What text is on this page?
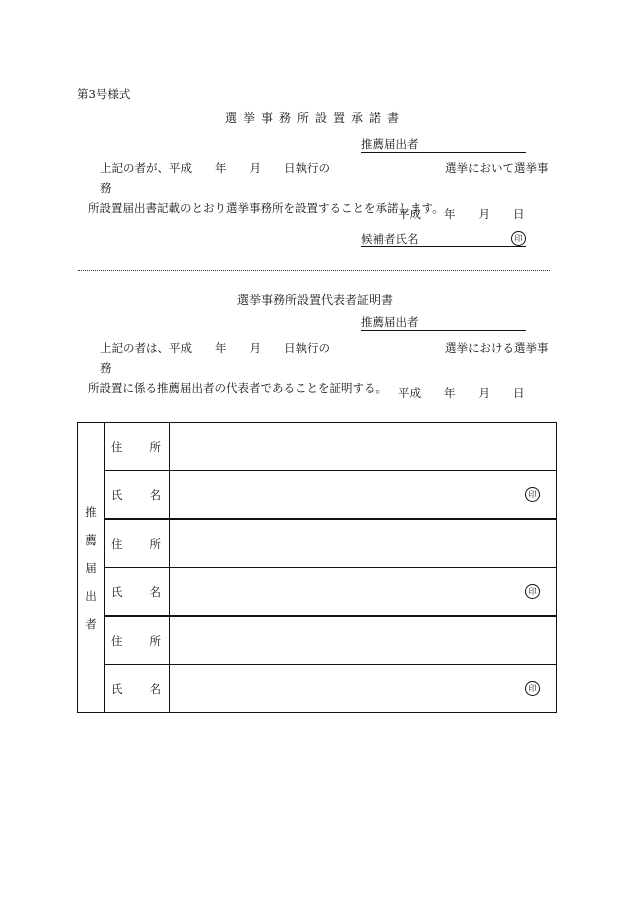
第3号様式
選挙事務所設置承諾書
推薦届出者
上記の者が、平成　　年　　月　　日執行の　　　　　　　　　　選挙において選挙事務
所設置届出書記載のとおり選挙事務所を設置することを承諾します。
平成　　年　　月　　日
候補者氏名	印
選挙事務所設置代表者証明書
推薦届出者
上記の者は、平成　　年　　月　　日執行の　　　　　　　　　　選挙における選挙事務
所設置に係る推薦届出者の代表者であることを証明する。 平成　　年　　月　　日
推
薦
届
出
者	住 所	

	氏 名	印

	住 所	

	氏 名	印

	住 所	

	氏 名	印
